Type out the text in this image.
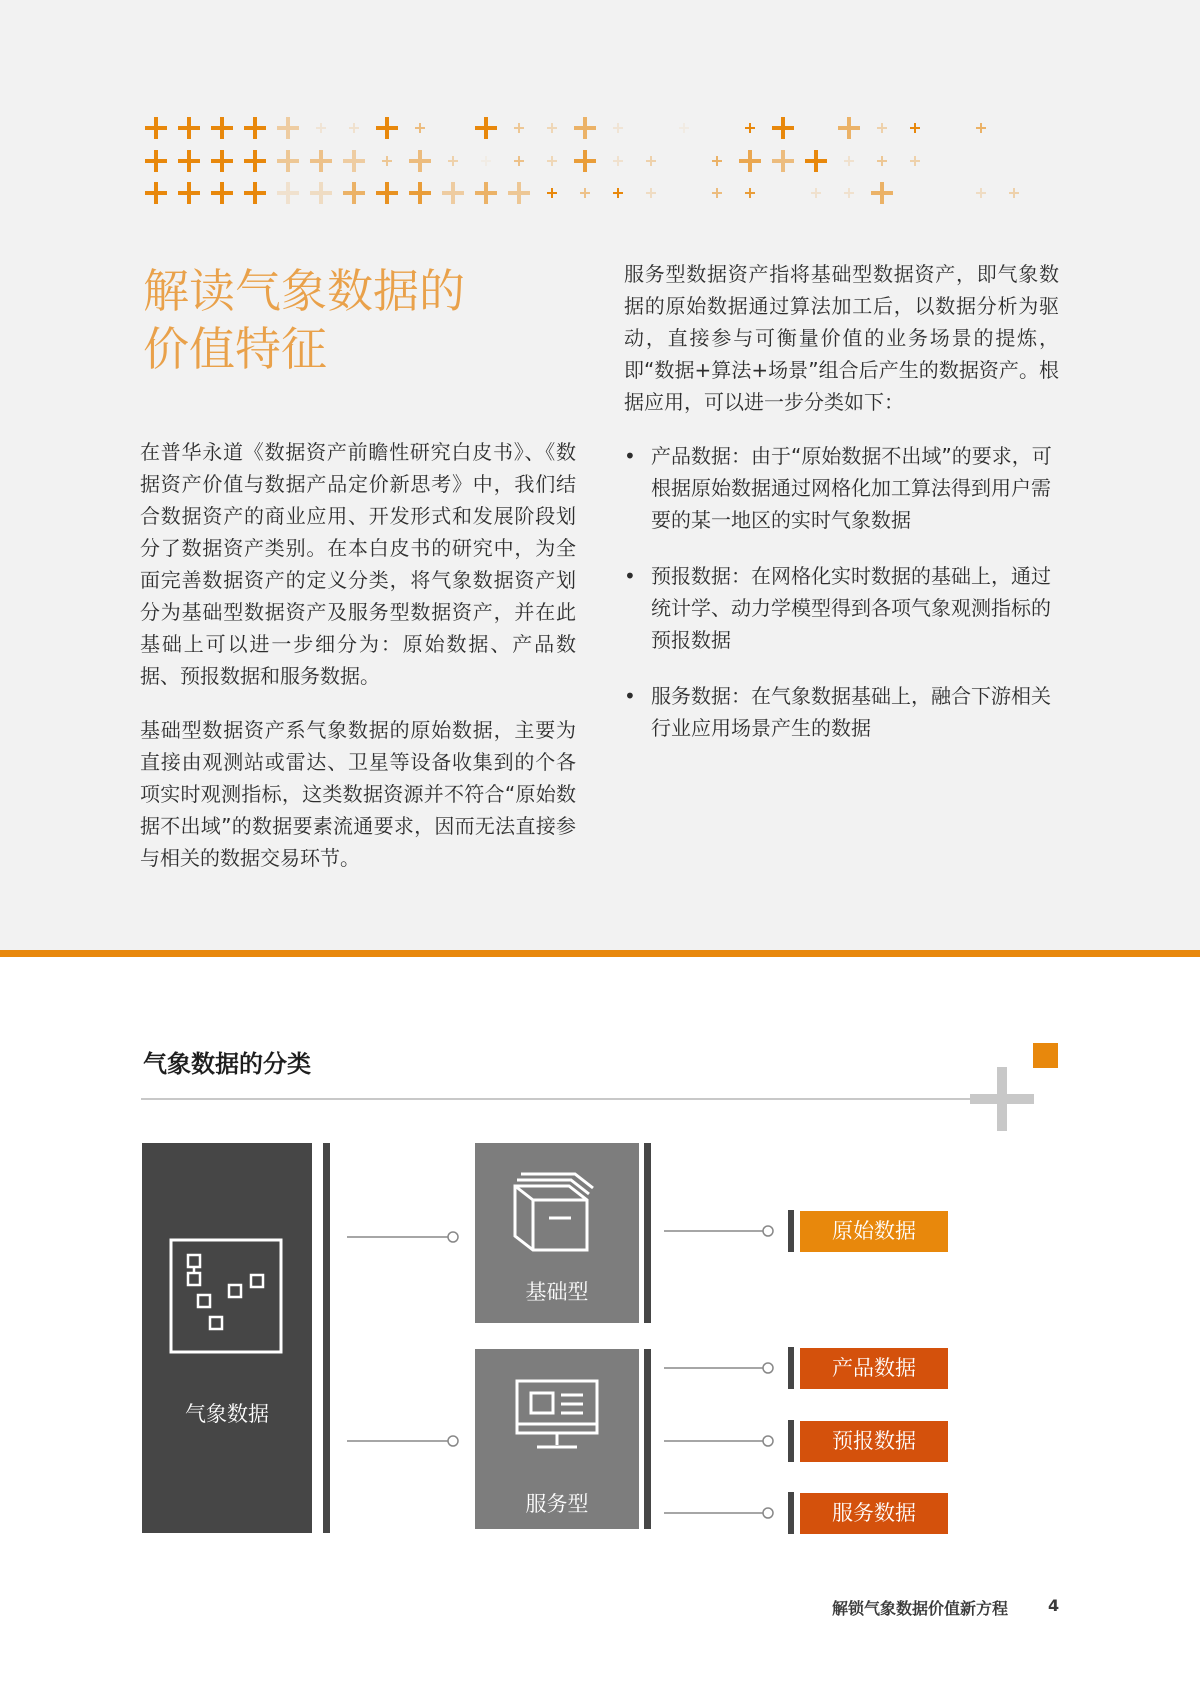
解读气象数据的
价值特征

在普华永道《数据资产前瞻性研究白皮书》、《数据资产价值与数据产品定价新思考》中，我们结合数据资产的商业应用、开发形式和发展阶段划分了数据资产类别。在本白皮书的研究中，为全面完善数据资产的定义分类，将气象数据资产划分为基础型数据资产及服务型数据资产，并在此基础上可以进一步细分为：原始数据、产品数据、预报数据和服务数据。

基础型数据资产系气象数据的原始数据，主要为直接由观测站或雷达、卫星等设备收集到的个各项实时观测指标，这类数据资源并不符合“原始数据不出域”的数据要素流通要求，因而无法直接参与相关的数据交易环节。

服务型数据资产指将基础型数据资产，即气象数据的原始数据通过算法加工后，以数据分析为驱动，直接参与可衡量价值的业务场景的提炼，即“数据+算法+场景”组合后产生的数据资产。根据应用，可以进一步分类如下：

• 产品数据：由于“原始数据不出域”的要求，可根据原始数据通过网格化加工算法得到用户需要的某一地区的实时气象数据
• 预报数据：在网格化实时数据的基础上，通过统计学、动力学模型得到各项气象观测指标的预报数据
• 服务数据：在气象数据基础上，融合下游相关行业应用场景产生的数据
气象数据的分类
气象数据
基础型
服务型
原始数据
产品数据
预报数据
服务数据
解锁气象数据价值新方程 4
